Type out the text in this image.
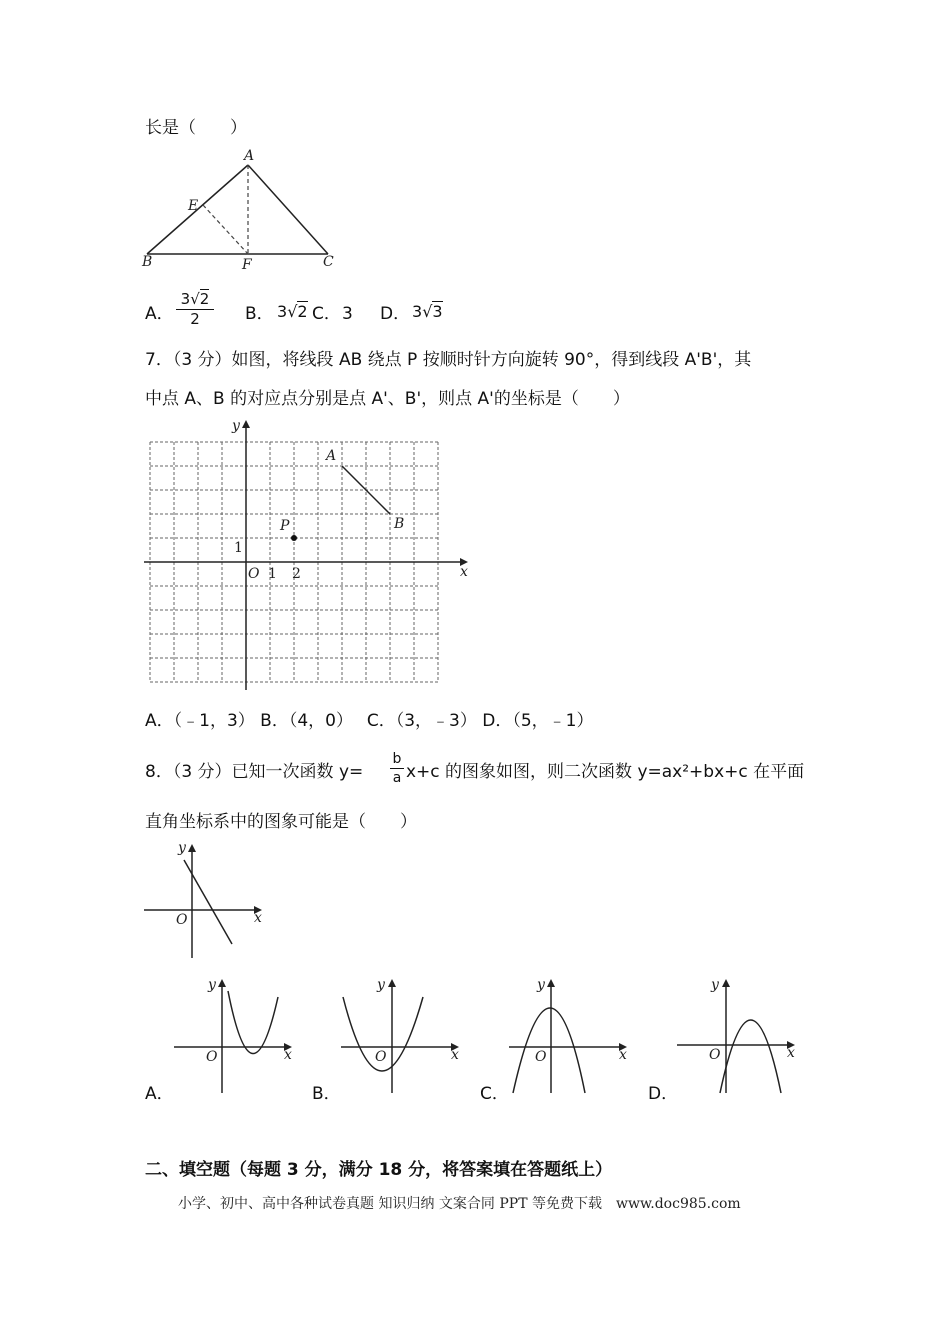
长是（　　）
A
B	C
E
F
A．
3√2
2	B． 3√2 C． 3 D． 3√3
7．（3 分）如图，将线段 AB 绕点 P 按顺时针方向旋转 90°，得到线段 A'B'，其
中点 A、B 的对应点分别是点 A'、B'，则点 A'的坐标是（　　）
y
x
O 1 2
1
A
B
P
A．（﹣1，3） B．（4，0）　 C．（3，﹣3） D．（5，﹣1）
8．（3 分）已知一次函数 y=
b
a x+c 的图象如图，则二次函数 y=ax²+bx+c 在平面
直角坐标系中的图象可能是（　　）
y
x
O
y
x
O
A．
y
x
O
B．
y
x
O
C．
y
x
O
D．
二、填空题（每题 3 分，满分 18 分，将答案填在答题纸上）
小学、初中、高中各种试卷真题 知识归纳 文案合同 PPT 等免费下载　www.doc985.com
